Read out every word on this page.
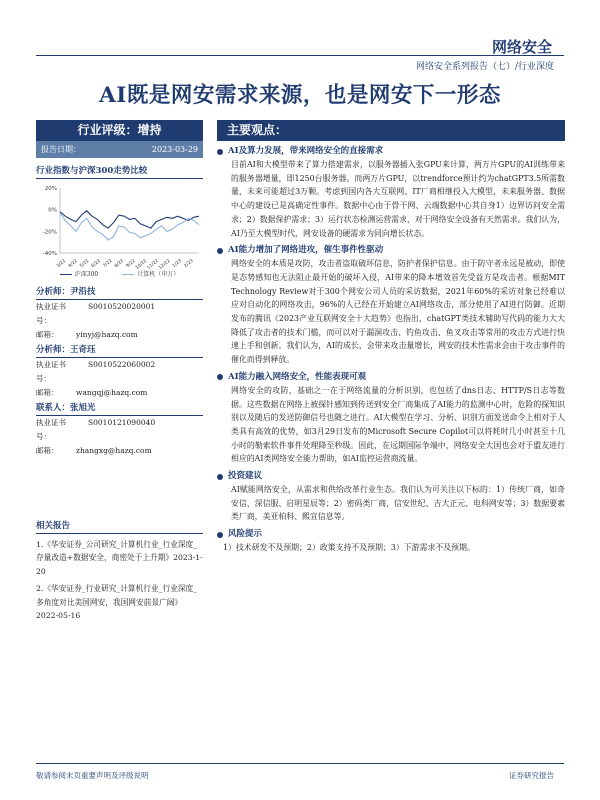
网络安全
网络安全系列报告（七）/行业深度
AI既是网安需求来源，也是网安下一形态
行业评级：增持
报告日期：	2023-03-29
行业指数与沪深300走势比较
20%
0%
-20%
-40%
3/22 4/22 5/22 6/22 7/22 8/22 9/22
10/22
11/22
12/22 1/23 2/23
沪深300	计算机（申万）
分析师：尹沿技
执业证书号：
S0010520020001
邮箱：	yinyj@hazq.com
分析师：王奇珏
执业证书号：
S0010522060002
邮箱：	wangqj@hazq.com
联系人：张旭光
执业证书号：
S0010121090040
邮箱：	zhangxg@hazq.com
相关报告
1.《华安证券_公司研究_计算机行业_行业深度_存量改造+数据安全，商密处于上升期》2023-1-20
2.《华安证券_行业研究_计算机行业_行业深度_多角度对比美国网安，我国网安前景广阔》2022-05-16
主要观点：
AI及算力发展，带来网络安全的直接需求
目前AI和大模型带来了算力搭建需求，以服务器插入张GPU来计算，两万片GPU的AI训练带来的服务器增量，即1250台服务器。而两万片GPU，以trendforce预计约为chatGPT3.5所需数量，未来可能超过3万颗。考虑到国内各大互联网、IT厂商相继投入大模型，未来服务器、数据中心的建设已是高确定性事件。数据中心由于骨干网、云端数据中心其自身1）边界访问安全需求；2）数据保护需求；3）运行状态检测运营需求，对于网络安全设备有天然需求。我们认为，AI乃至大模型时代，网安设备的硬需求为同向增长状态。
AI能力增加了网络进攻，催生事件性驱动
网络安全的本质是攻防，攻击者盗取破坏信息，防护者保护信息。由于防守者永远是被动，即使是态势感知也无法阻止最开始的破坏入侵，AI带来的降本增效首先受益方是攻击者。根据MIT Technology Review对于300个网安公司人员的采访数据，2021年60%的采访对象已经难以应对自动化的网络攻击，96%的人已经在开始建立AI网络攻击，部分使用了AI进行防御。近期发布的腾讯《2023产业互联网安全十大趋势》也指出，chatGPT类技术辅助写代码的能力大大降低了攻击者的技术门槛，而可以对于漏洞攻击、钓鱼攻击、鱼叉攻击等常用的攻击方式进行快速上手和创新。我们认为，AI的成长，会带来攻击量增长，网安的技术性需求会由于攻击事件的催化而得到释放。
AI能力融入网络安全，性能表现可观
网络安全的攻防，基础之一在于网络流量的分析识别，也包括了dns日志、HTTP/S日志等数据。这些数据在网络上被探针感知到传送到安全厂商集成了AI能力的监测中心时，危险的探知识别以及随后的发送防御信号也随之进行。AI大模型在学习、分析、识别方面发送命令上相对于人类具有高效的优势，如3月29日发布的Microsoft Secure Copilot可以将耗时几小时甚至十几小时的勒索软件事件处理降至秒级。因此，在远期国际争端中，网络安全大国也会对于盟友进行相应的AI类网络安全能力帮助，如AI监控运营商流量。
投资建议
AI赋能网络安全，从需求和供给改革行业生态。我们认为可关注以下标的：1）传统厂商，如奇安信、深信服、启明星辰等；2）密码类厂商，信安世纪、吉大正元、电科网安等；3）数据要素类厂商，美亚柏科、熙宜信息等。
风险提示
1）技术研发不及预期；2）政策支持不及预期；3）下游需求不及预期。
敬请参阅末页重要声明及评级说明	证券研究报告
